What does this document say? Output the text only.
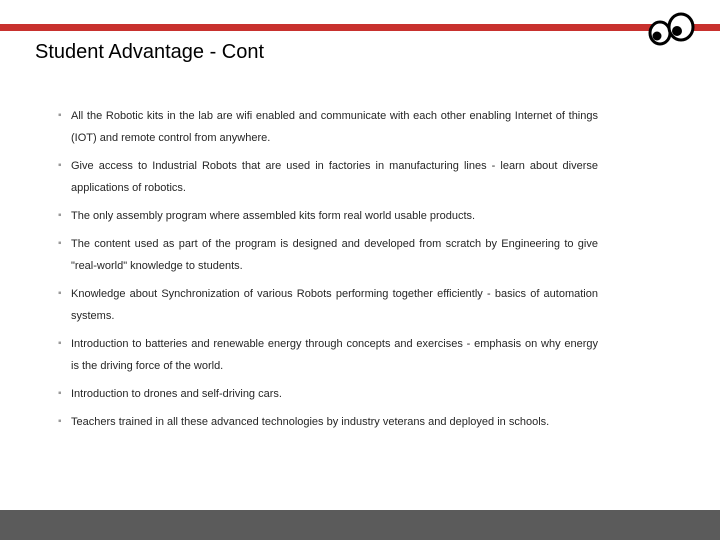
Student Advantage - Cont
▪ All the Robotic kits in the lab are wifi enabled and communicate with each other enabling Internet of things (IOT) and remote control from anywhere.
▪ Give access to Industrial Robots that are used in factories in manufacturing lines - learn about diverse applications of robotics.
▪ The only assembly program where assembled kits form real world usable products.
▪ The content used as part of the program is designed and developed from scratch by Engineering to give "real-world" knowledge to students.
▪ Knowledge about Synchronization of various Robots performing together efficiently - basics of automation systems.
▪ Introduction to batteries and renewable energy through concepts and exercises - emphasis on why energy is the driving force of the world.
▪ Introduction to drones and self-driving cars.
▪ Teachers trained in all these advanced technologies by industry veterans and deployed in schools.
